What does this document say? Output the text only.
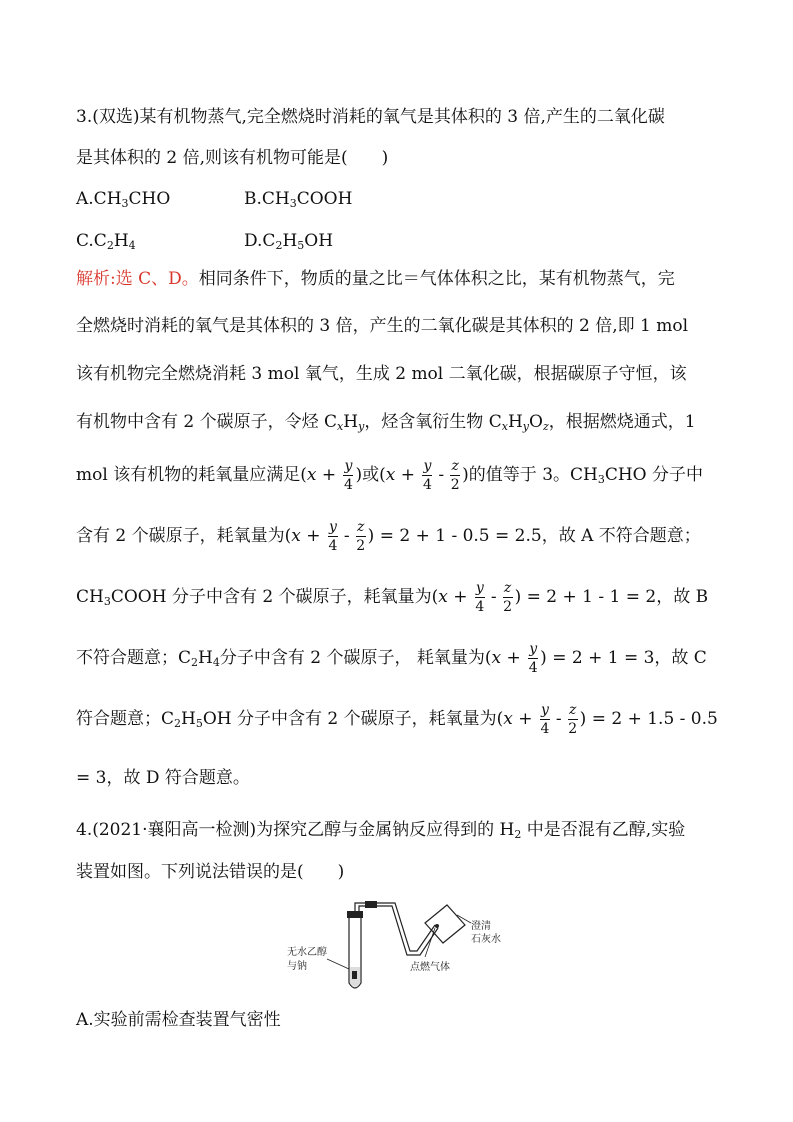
3.(双选)某有机物蒸气,完全燃烧时消耗的氧气是其体积的 3 倍,产生的二氧化碳
是其体积的 2 倍,则该有机物可能是(　　)
$A.CH_3CHO$	$B.CH_3COOH$
$C.C_2H_4$	$D.C_2H_5OH$
解析:选 C、D。相同条件下，物质的量之比＝气体体积之比，某有机物蒸气，完
全燃烧时消耗的氧气是其体积的 3 倍，产生的二氧化碳是其体积的 2 倍,即 1 mol
该有机物完全燃烧消耗 3 mol 氧气，生成 2 mol 二氧化碳，根据碳原子守恒，该
有机物中含有 2 个碳原子，令烃 $C_xH_y$，烃含氧衍生物 $C_xH_yO_z$，根据燃烧通式，1
mol 该有机物的耗氧量应满足($x + \frac{y}{4}$ )或($x + \frac{y}{4} - \frac{z}{2}$ )的值等于 3。$CH_3CHO$ 分子中
含有 2 个碳原子，耗氧量为($x + \frac{y}{4} - \frac{z}{2}$ ) = 2 + 1 - 0.5 = 2.5，故 A 不符合题意；
$CH_3COOH$ 分子中含有 2 个碳原子，耗氧量为($x + \frac{y}{4} - \frac{z}{2}$ ) = 2 + 1 - 1 = 2，故 B
不符合题意；$C_2H_4$分子中含有 2 个碳原子， 耗氧量为($x + \frac{y}{4}$ ) = 2 + 1 = 3，故 C
符合题意；$C_2H_5OH$ 分子中含有 2 个碳原子，耗氧量为($x + \frac{y}{4} - \frac{z}{2}$ ) = 2 + 1.5 - 0.5
= 3，故 D 符合题意。
4.(2021·襄阳高一检测)为探究乙醇与金属钠反应得到的 $H_2$ 中是否混有乙醇,实验
装置如图。下列说法错误的是(　　)
无水乙醇
与钠	点燃气体
澄清
石灰水
A.实验前需检查装置气密性
